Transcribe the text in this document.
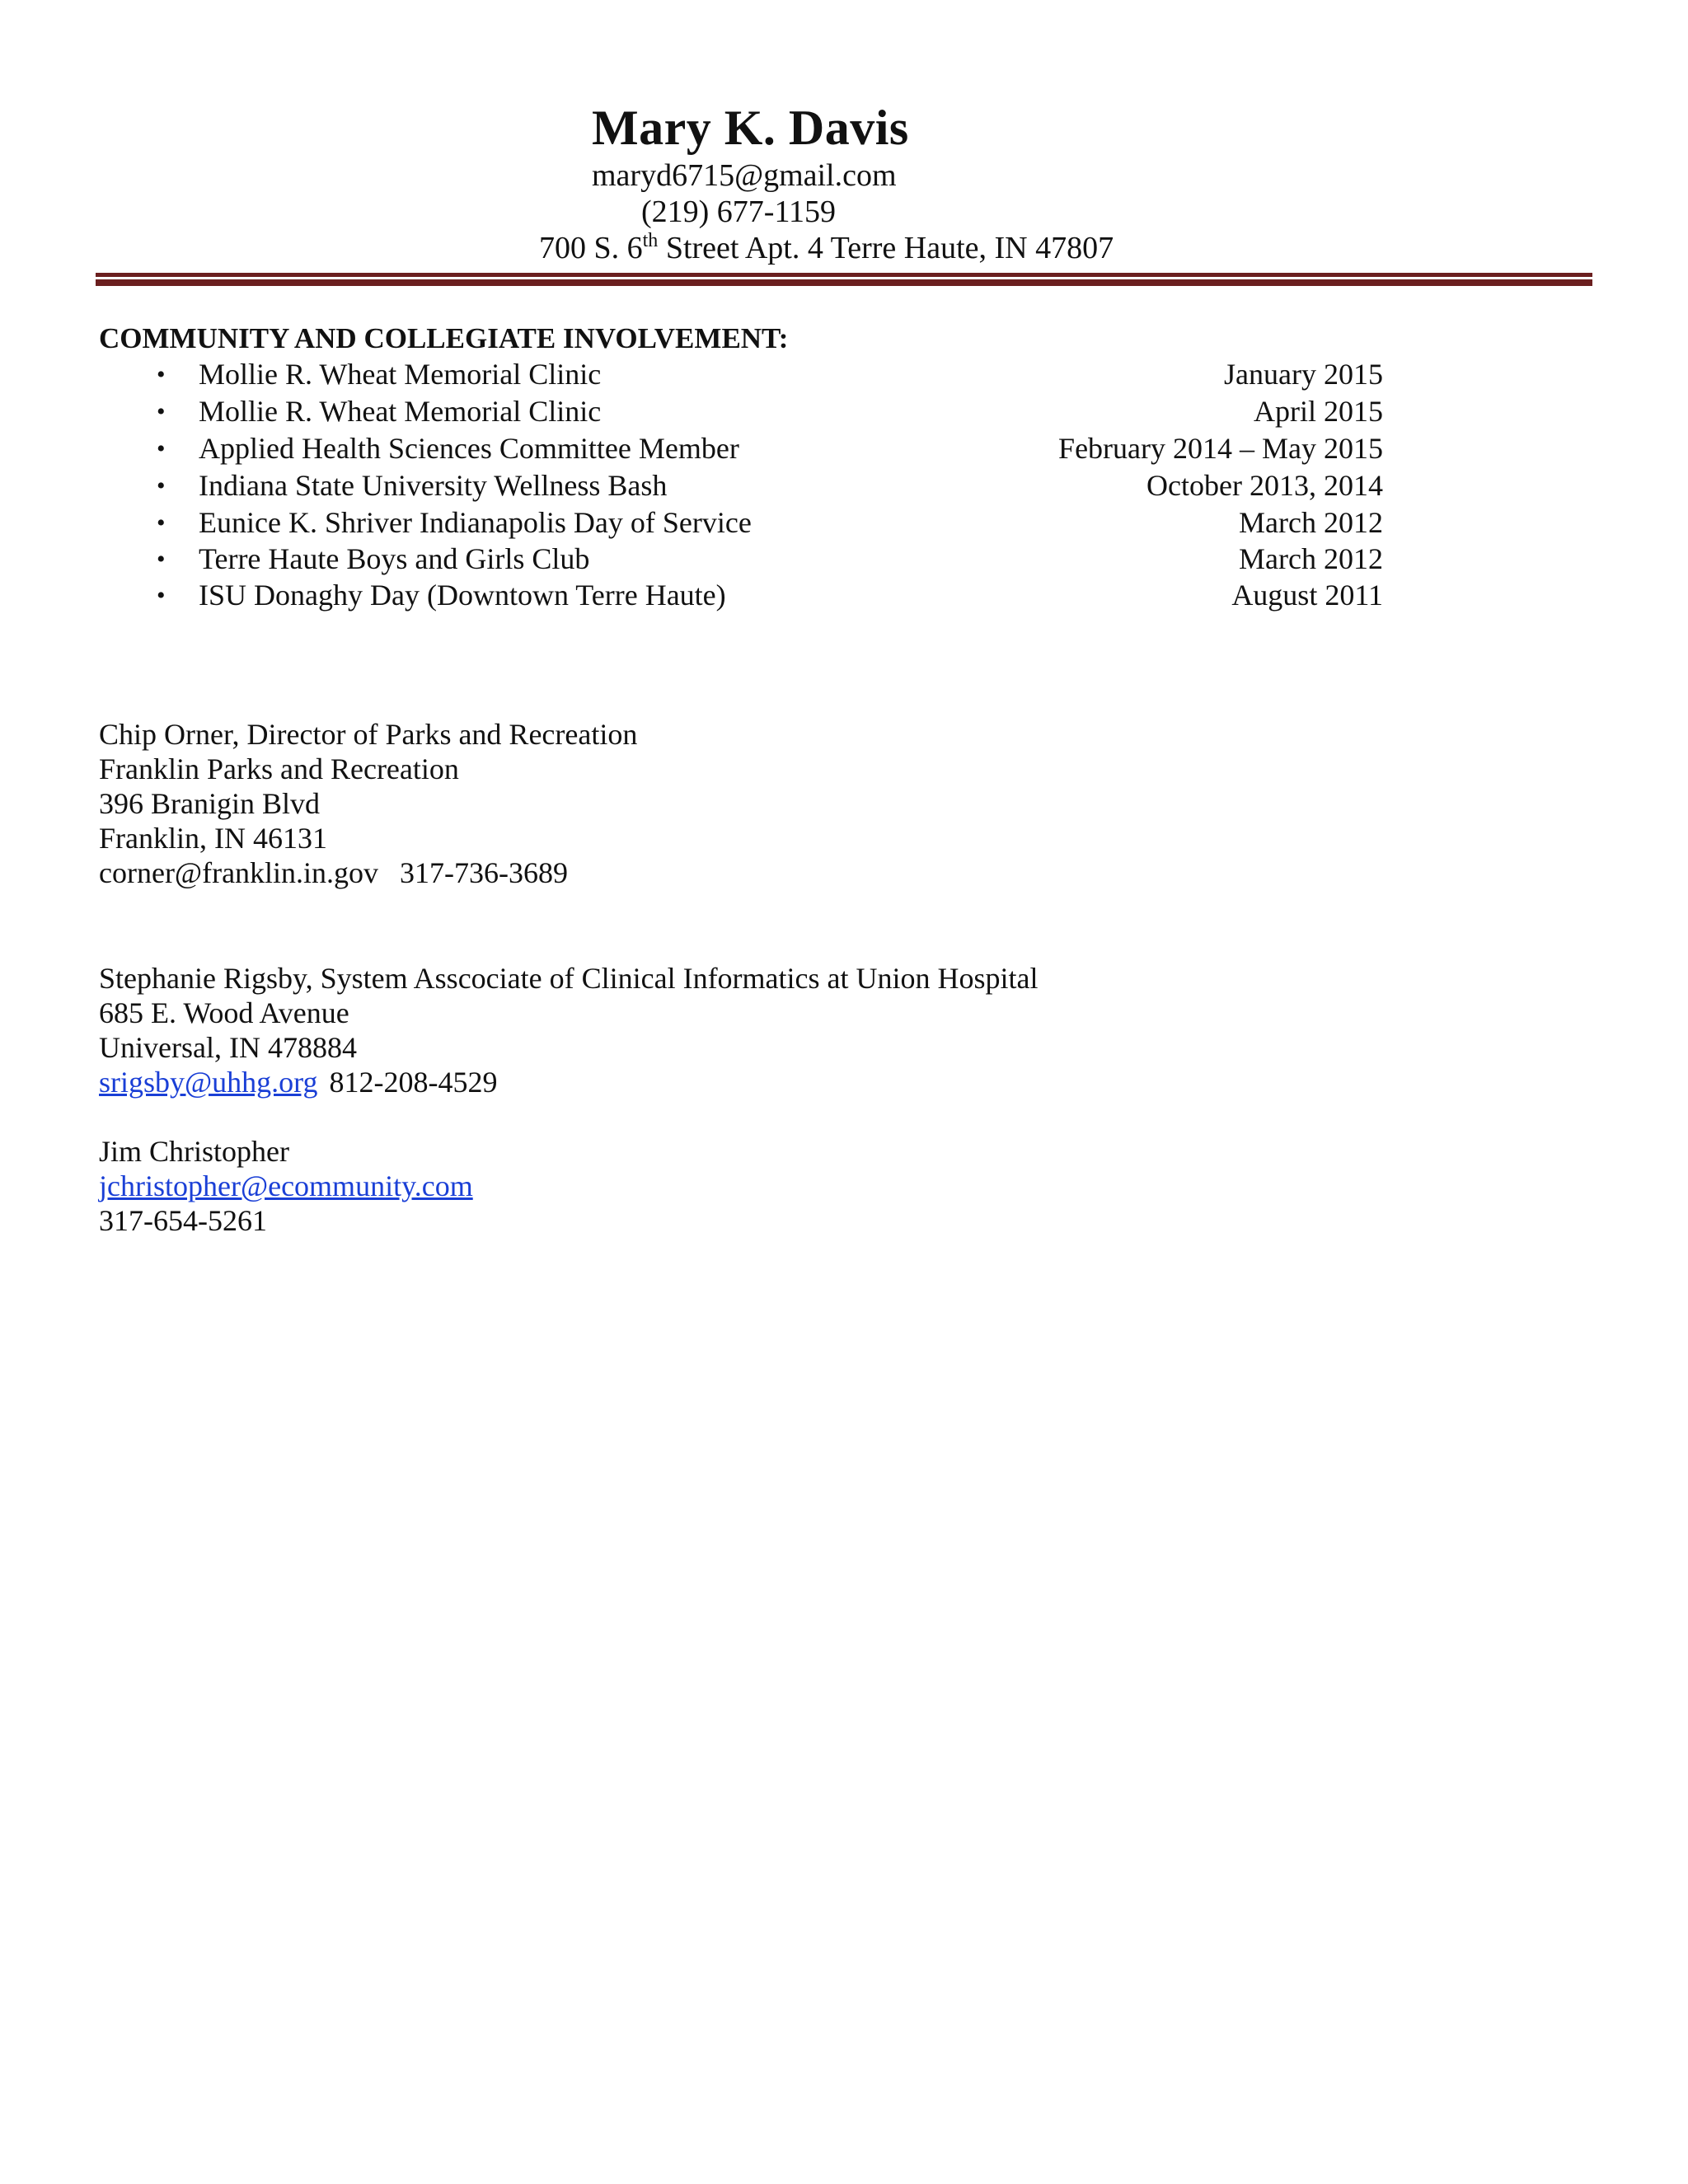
Mary K. Davis
maryd6715@gmail.com
(219) 677-1159
700 S. 6th Street Apt. 4 Terre Haute, IN 47807
COMMUNITY AND COLLEGIATE INVOLVEMENT:
• Mollie R. Wheat Memorial Clinic	January 2015
• Mollie R. Wheat Memorial Clinic	April 2015
• Applied Health Sciences Committee Member	February 2014 – May 2015
• Indiana State University Wellness Bash	October 2013, 2014
• Eunice K. Shriver Indianapolis Day of Service	March 2012
• Terre Haute Boys and Girls Club	March 2012
• ISU Donaghy Day (Downtown Terre Haute)	August 2011
Chip Orner, Director of Parks and Recreation
Franklin Parks and Recreation
396 Branigin Blvd
Franklin, IN 46131
corner@franklin.in.gov 317-736-3689
Stephanie Rigsby, System Asscociate of Clinical Informatics at Union Hospital
685 E. Wood Avenue
Universal, IN 478884
srigsby@uhhg.org 812-208-4529
Jim Christopher
jchristopher@ecommunity.com
317-654-5261
